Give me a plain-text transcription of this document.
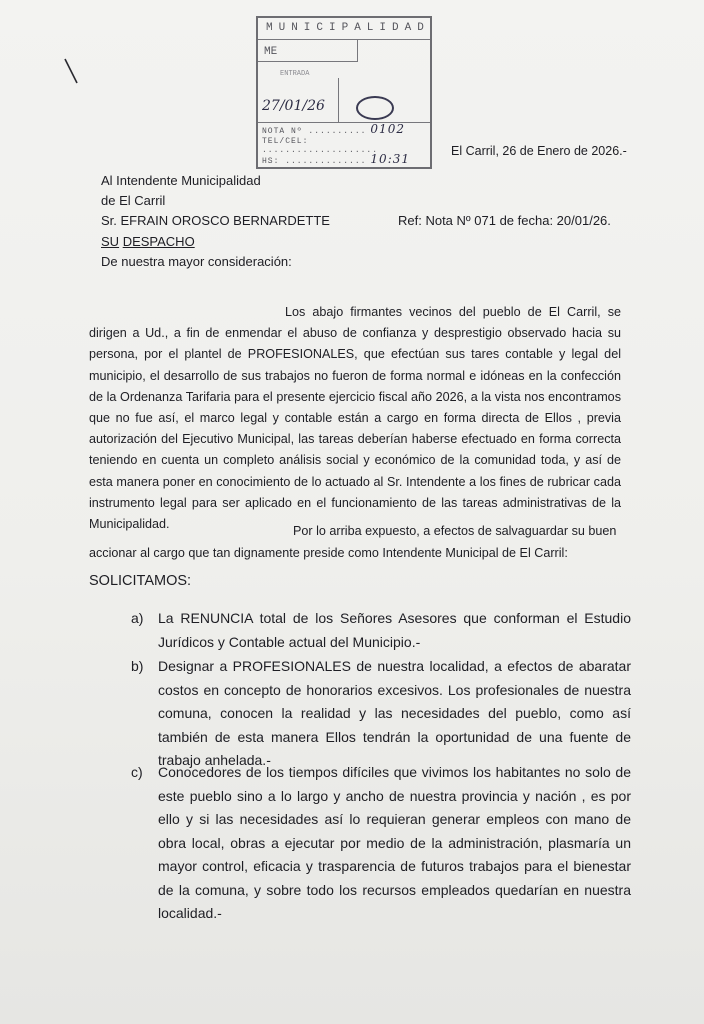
MUNICIPALIDAD
ME
ENTRADA
27/01/26
NOTA Nº .......... 0102
TEL/CEL: ....................
HS: .............. 10:31
El Carril, 26 de Enero de 2026.-
Al Intendente Municipalidad
de El Carril
Sr. EFRAIN OROSCO BERNARDETTE	Ref: Nota Nº 071 de fecha: 20/01/26.
SU DESPACHO
De nuestra mayor consideración:
Los abajo firmantes vecinos del pueblo de El Carril, se dirigen a Ud., a fin de enmendar el abuso de confianza y desprestigio observado hacia su persona, por el plantel de PROFESIONALES, que efectúan sus tares contable y legal del municipio, el desarrollo de sus trabajos no fueron de forma normal e idóneas en la confección de la Ordenanza Tarifaria para el presente ejercicio fiscal año 2026, a la vista nos encontramos que no fue así, el marco legal y contable están a cargo en forma directa de Ellos , previa autorización del Ejecutivo Municipal, las tareas deberían haberse efectuado en forma correcta teniendo en cuenta un completo análisis social y económico de la comunidad toda, y así de esta manera poner en conocimiento de lo actuado al Sr. Intendente a los fines de rubricar cada instrumento legal para ser aplicado en el funcionamiento de las tareas administrativas de la Municipalidad.	Por lo arriba expuesto, a efectos de salvaguardar su buen accionar al cargo que tan dignamente preside como Intendente Municipal de El Carril:
SOLICITAMOS:
a) La RENUNCIA total de los Señores Asesores que conforman el Estudio Jurídicos y Contable actual del Municipio.-
b) Designar a PROFESIONALES de nuestra localidad, a efectos de abaratar costos en concepto de honorarios excesivos. Los profesionales de nuestra comuna, conocen la realidad y las necesidades del pueblo, como así también de esta manera Ellos tendrán la oportunidad de una fuente de trabajo anhelada.-
c) Conocedores de los tiempos difíciles que vivimos los habitantes no solo de este pueblo sino a lo largo y ancho de nuestra provincia y nación , es por ello y si las necesidades así lo requieran generar empleos con mano de obra local, obras a ejecutar por medio de la administración, plasmaría un mayor control, eficacia y trasparencia de futuros trabajos para el bienestar de la comuna, y sobre todo los recursos empleados quedarían en nuestra localidad.-
